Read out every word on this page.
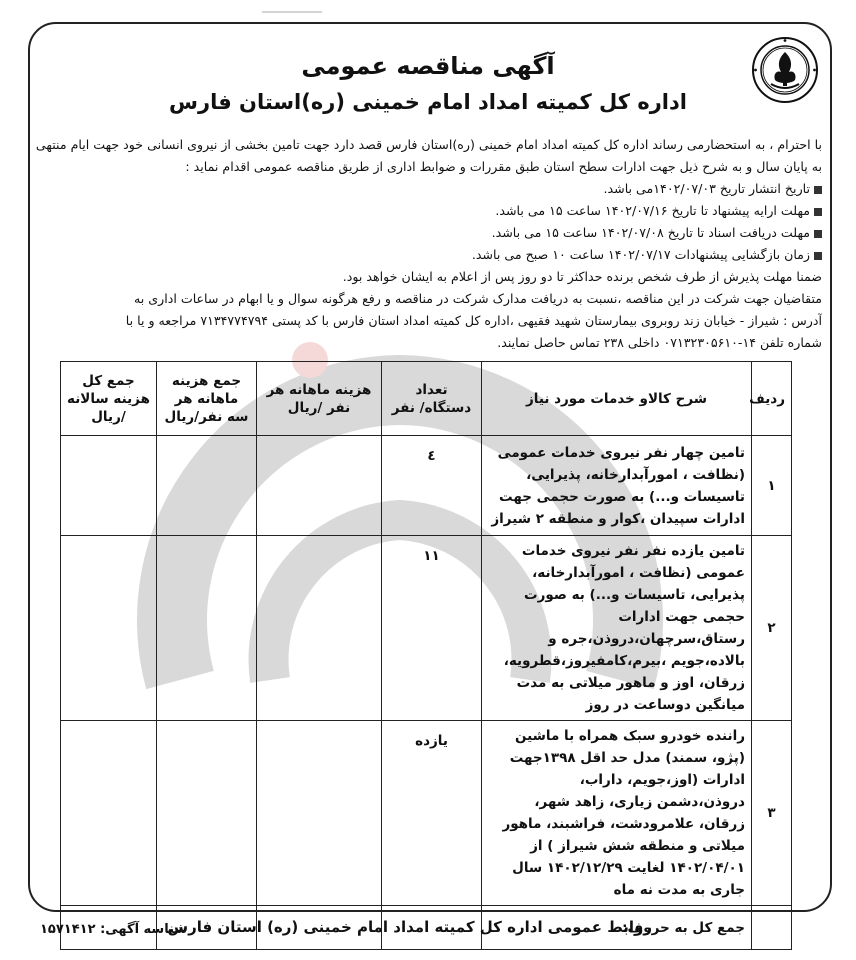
آگهی مناقصه عمومی
اداره کل کمیته امداد امام خمینی (ره)استان فارس

با احترام ، به استحضارمی رساند اداره کل کمیته امداد امام خمینی (ره)استان فارس قصد دارد جهت تامین بخشی از نیروی انسانی خود جهت ایام منتهی

به پایان سال و به شرح ذیل جهت ادارات سطح استان طبق مقررات و ضوابط اداری از طریق مناقصه عمومی اقدام نماید :

تاریخ انتشار تاریخ ۱۴۰۲/۰۷/۰۳می باشد.

مهلت ارایه پیشنهاد تا تاریخ ۱۴۰۲/۰۷/۱۶ ساعت ۱۵ می باشد.

مهلت دریافت اسناد تا تاریخ ۱۴۰۲/۰۷/۰۸ ساعت ۱۵ می باشد.

زمان بازگشایی پیشنهادات ۱۴۰۲/۰۷/۱۷ ساعت ۱۰ صبح می باشد.

ضمنا مهلت پذیرش از طرف شخص برنده حداکثر تا دو روز پس از اعلام به ایشان خواهد بود.

متقاضیان جهت شرکت در این مناقصه ،نسبت به دریافت مدارک شرکت در مناقصه و رفع هرگونه سوال و یا ابهام در ساعات اداری به

آدرس : شیراز - خیابان زند روبروی بیمارستان شهید فقیهی ،اداره کل کمیته امداد استان فارس با کد پستی ۷۱۳۴۷۷۴۷۹۴ مراجعه و یا با

شماره تلفن ۱۴-۰۷۱۳۲۳۰۵۶۱۰ داخلی ۲۳۸ تماس حاصل نمایند.

ردیف	شرح کالاو خدمات مورد نیاز	تعداد دستگاه/ نفر	هزینه ماهانه هر نفر /ریال	جمع هزینه ماهانه هر سه نفر/ریال	جمع کل هزینه سالانه /ریال
۱	تامین چهار نفر نیروی خدمات عمومی (نظافت ، امورآبدارخانه، پذیرایی، تاسیسات و...) به صورت حجمی جهت ادارات سپیدان ،کوار و منطقه ۲ شیراز	٤			
۲	تامین یازده نفر نفر نیروی خدمات عمومی (نظافت ، امورآبدارخانه، پذیرایی، تاسیسات و...) به صورت حجمی جهت ادارات رستاق،سرچهان،دروذن،جره و بالاده،جویم ،بیرم،کامفیروز،قطرویه، زرقان، اوز و ماهور میلاتی به مدت میانگین دوساعت در روز	۱۱			
۳	راننده خودرو سبک همراه با ماشین (پژو، سمند) مدل حد اقل ۱۳۹۸جهت ادارات (اوز،جویم، داراب، دروذن،دشمن زیاری، زاهد شهر، زرقان، علامرودشت، فراشبند، ماهور میلاتی و منطقه شش شیراز ) از ۱۴۰۲/۰۴/۰۱ لغایت ۱۴۰۲/۱۲/۲۹ سال جاری به مدت نه ماه	یازده			
	جمع کل به حروف:				
روابط عمومی اداره کل کمیته امداد امام خمینی (ره) استان فارس
شناسه آگهی: ۱۵۷۱۴۱۲
